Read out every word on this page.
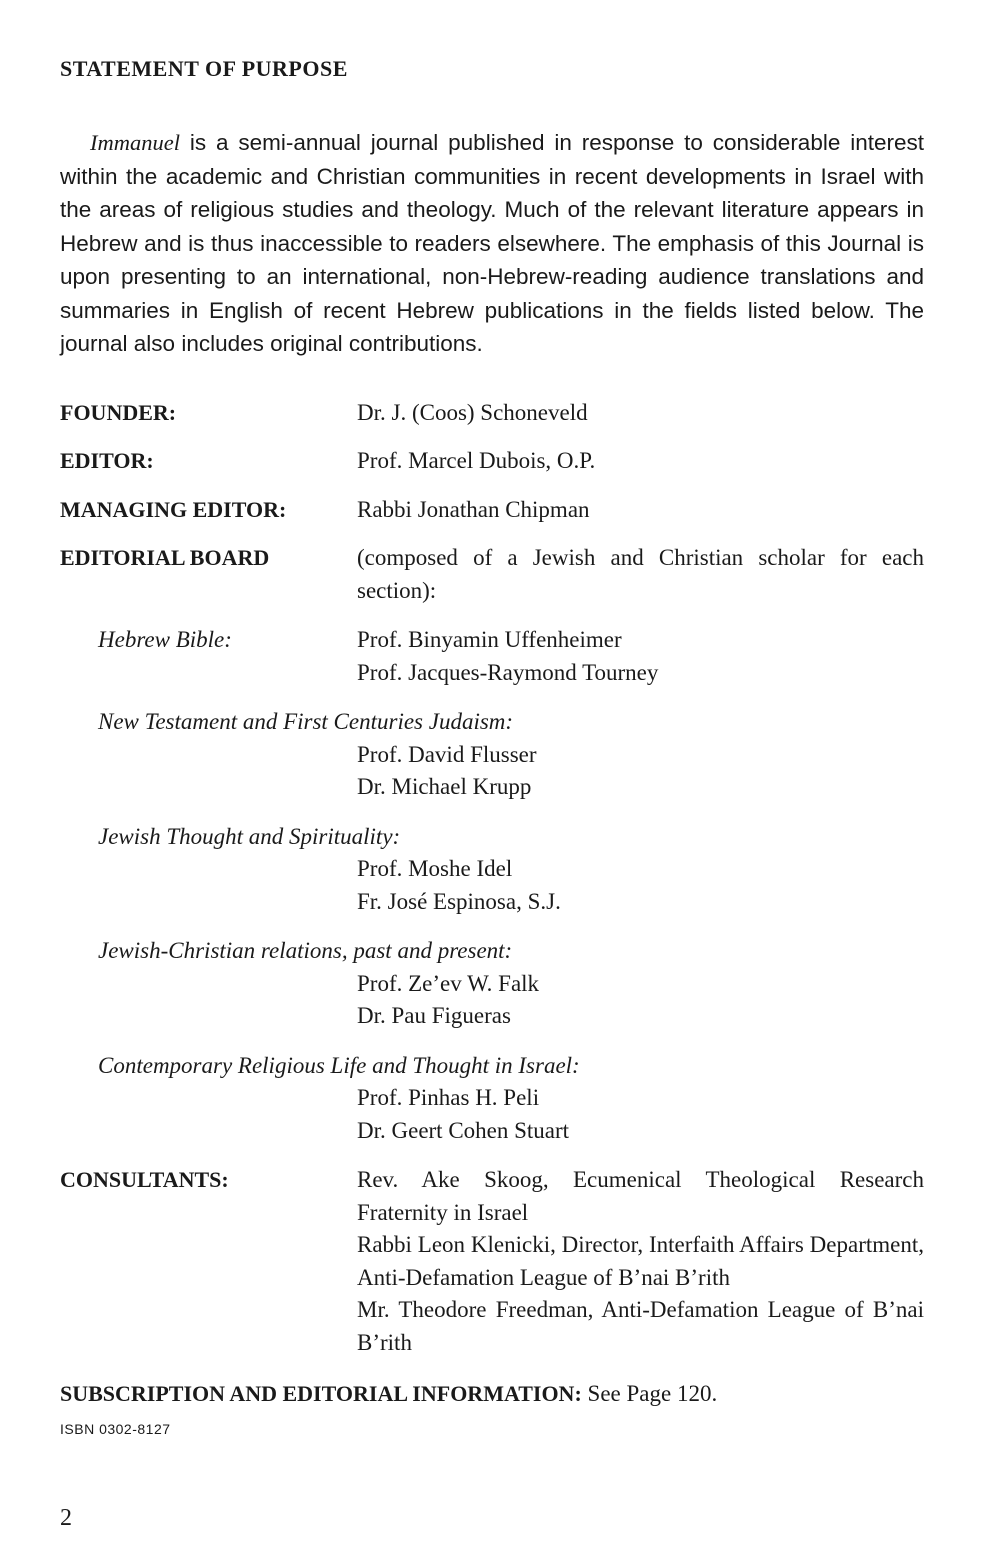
STATEMENT OF PURPOSE

Immanuel is a semi-annual journal published in response to considerable interest within the academic and Christian communities in recent developments in Israel with the areas of religious studies and theology. Much of the relevant literature appears in Hebrew and is thus inaccessible to readers elsewhere. The emphasis of this Journal is upon presenting to an international, non-Hebrew-reading audience translations and summaries in English of recent Hebrew publications in the fields listed below. The journal also includes original contributions.

FOUNDER:	Dr. J. (Coos) Schoneveld
EDITOR:	Prof. Marcel Dubois, O.P.
MANAGING EDITOR:	Rabbi Jonathan Chipman
EDITORIAL BOARD	(composed of a Jewish and Christian scholar for each section):
Hebrew Bible:	Prof. Binyamin Uffenheimer
Prof. Jacques-Raymond Tourney
New Testament and First Centuries Judaism:
Prof. David Flusser
Dr. Michael Krupp
Jewish Thought and Spirituality:
Prof. Moshe Idel
Fr. José Espinosa, S.J.
Jewish-Christian relations, past and present:
Prof. Ze’ev W. Falk
Dr. Pau Figueras
Contemporary Religious Life and Thought in Israel:
Prof. Pinhas H. Peli
Dr. Geert Cohen Stuart
CONSULTANTS:	Rev. Ake Skoog, Ecumenical Theological Research Fraternity in Israel
Rabbi Leon Klenicki, Director, Interfaith Affairs Department, Anti-Defamation League of B’nai B’rith
Mr. Theodore Freedman, Anti-Defamation League of B’nai B’rith
SUBSCRIPTION AND EDITORIAL INFORMATION: See Page 120.
ISBN 0302-8127
2
